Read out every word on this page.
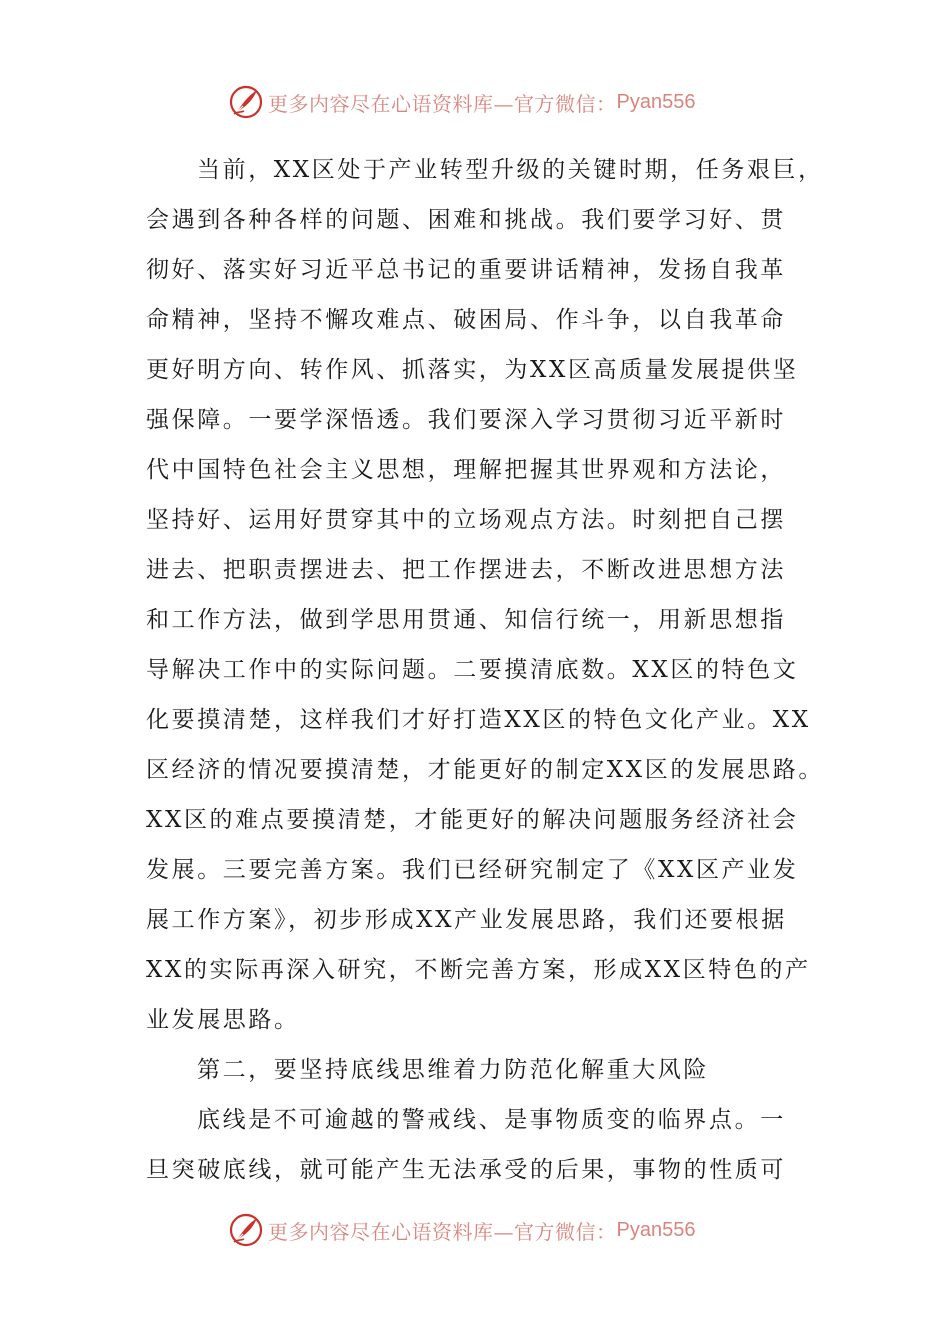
更多内容尽在心语资料库—官方微信： Pyan556
当前，XX区处于产业转型升级的关键时期，任务艰巨，
会遇到各种各样的问题、困难和挑战。我们要学习好、贯
彻好、落实好习近平总书记的重要讲话精神，发扬自我革
命精神，坚持不懈攻难点、破困局、作斗争，以自我革命
更好明方向、转作风、抓落实，为XX区高质量发展提供坚
强保障。一要学深悟透。我们要深入学习贯彻习近平新时
代中国特色社会主义思想，理解把握其世界观和方法论，
坚持好、运用好贯穿其中的立场观点方法。时刻把自己摆
进去、把职责摆进去、把工作摆进去，不断改进思想方法
和工作方法，做到学思用贯通、知信行统一，用新思想指
导解决工作中的实际问题。二要摸清底数。XX区的特色文
化要摸清楚，这样我们才好打造XX区的特色文化产业。XX
区经济的情况要摸清楚，才能更好的制定XX区的发展思路。
XX区的难点要摸清楚，才能更好的解决问题服务经济社会
发展。三要完善方案。我们已经研究制定了《XX区产业发
展工作方案》，初步形成XX产业发展思路，我们还要根据
XX的实际再深入研究，不断完善方案，形成XX区特色的产
业发展思路。
第二，要坚持底线思维着力防范化解重大风险
底线是不可逾越的警戒线、是事物质变的临界点。一
旦突破底线，就可能产生无法承受的后果，事物的性质可
更多内容尽在心语资料库—官方微信： Pyan556
